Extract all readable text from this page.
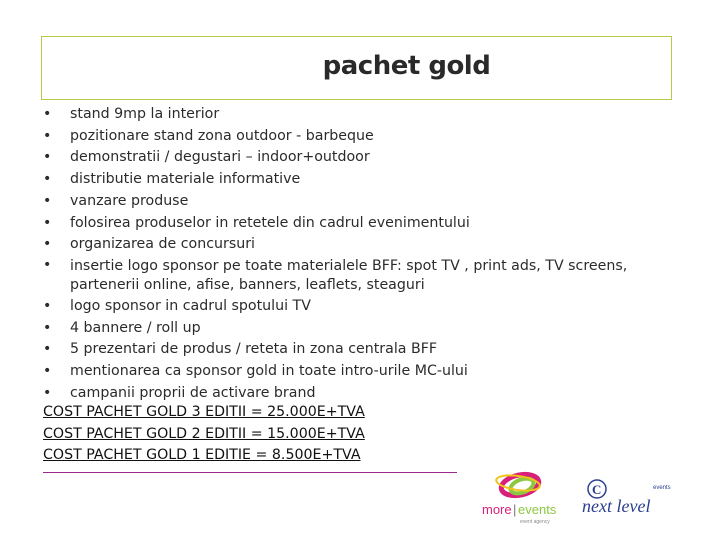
pachet gold
• stand 9mp la interior
• pozitionare stand zona outdoor - barbeque
• demonstratii / degustari – indoor+outdoor
• distributie materiale informative
• vanzare produse
• folosirea produselor in retetele din cadrul evenimentului
• organizarea de concursuri
• insertie logo sponsor pe toate materialele BFF: spot TV , print ads, TV screens, partenerii online, afise, banners, leaflets, steaguri
• logo sponsor in cadrul spotului TV
• 4 bannere / roll up
• 5 prezentari de produs / reteta in zona centrala BFF
• mentionarea ca sponsor gold in toate intro-urile MC-ului
• campanii proprii de activare brand
COST PACHET GOLD 3 EDITII = 25.000E+TVA
COST PACHET GOLD 2 EDITII = 15.000E+TVA
COST PACHET GOLD 1 EDITIE = 8.500E+TVA
more | events
event agency
C	events
next level
